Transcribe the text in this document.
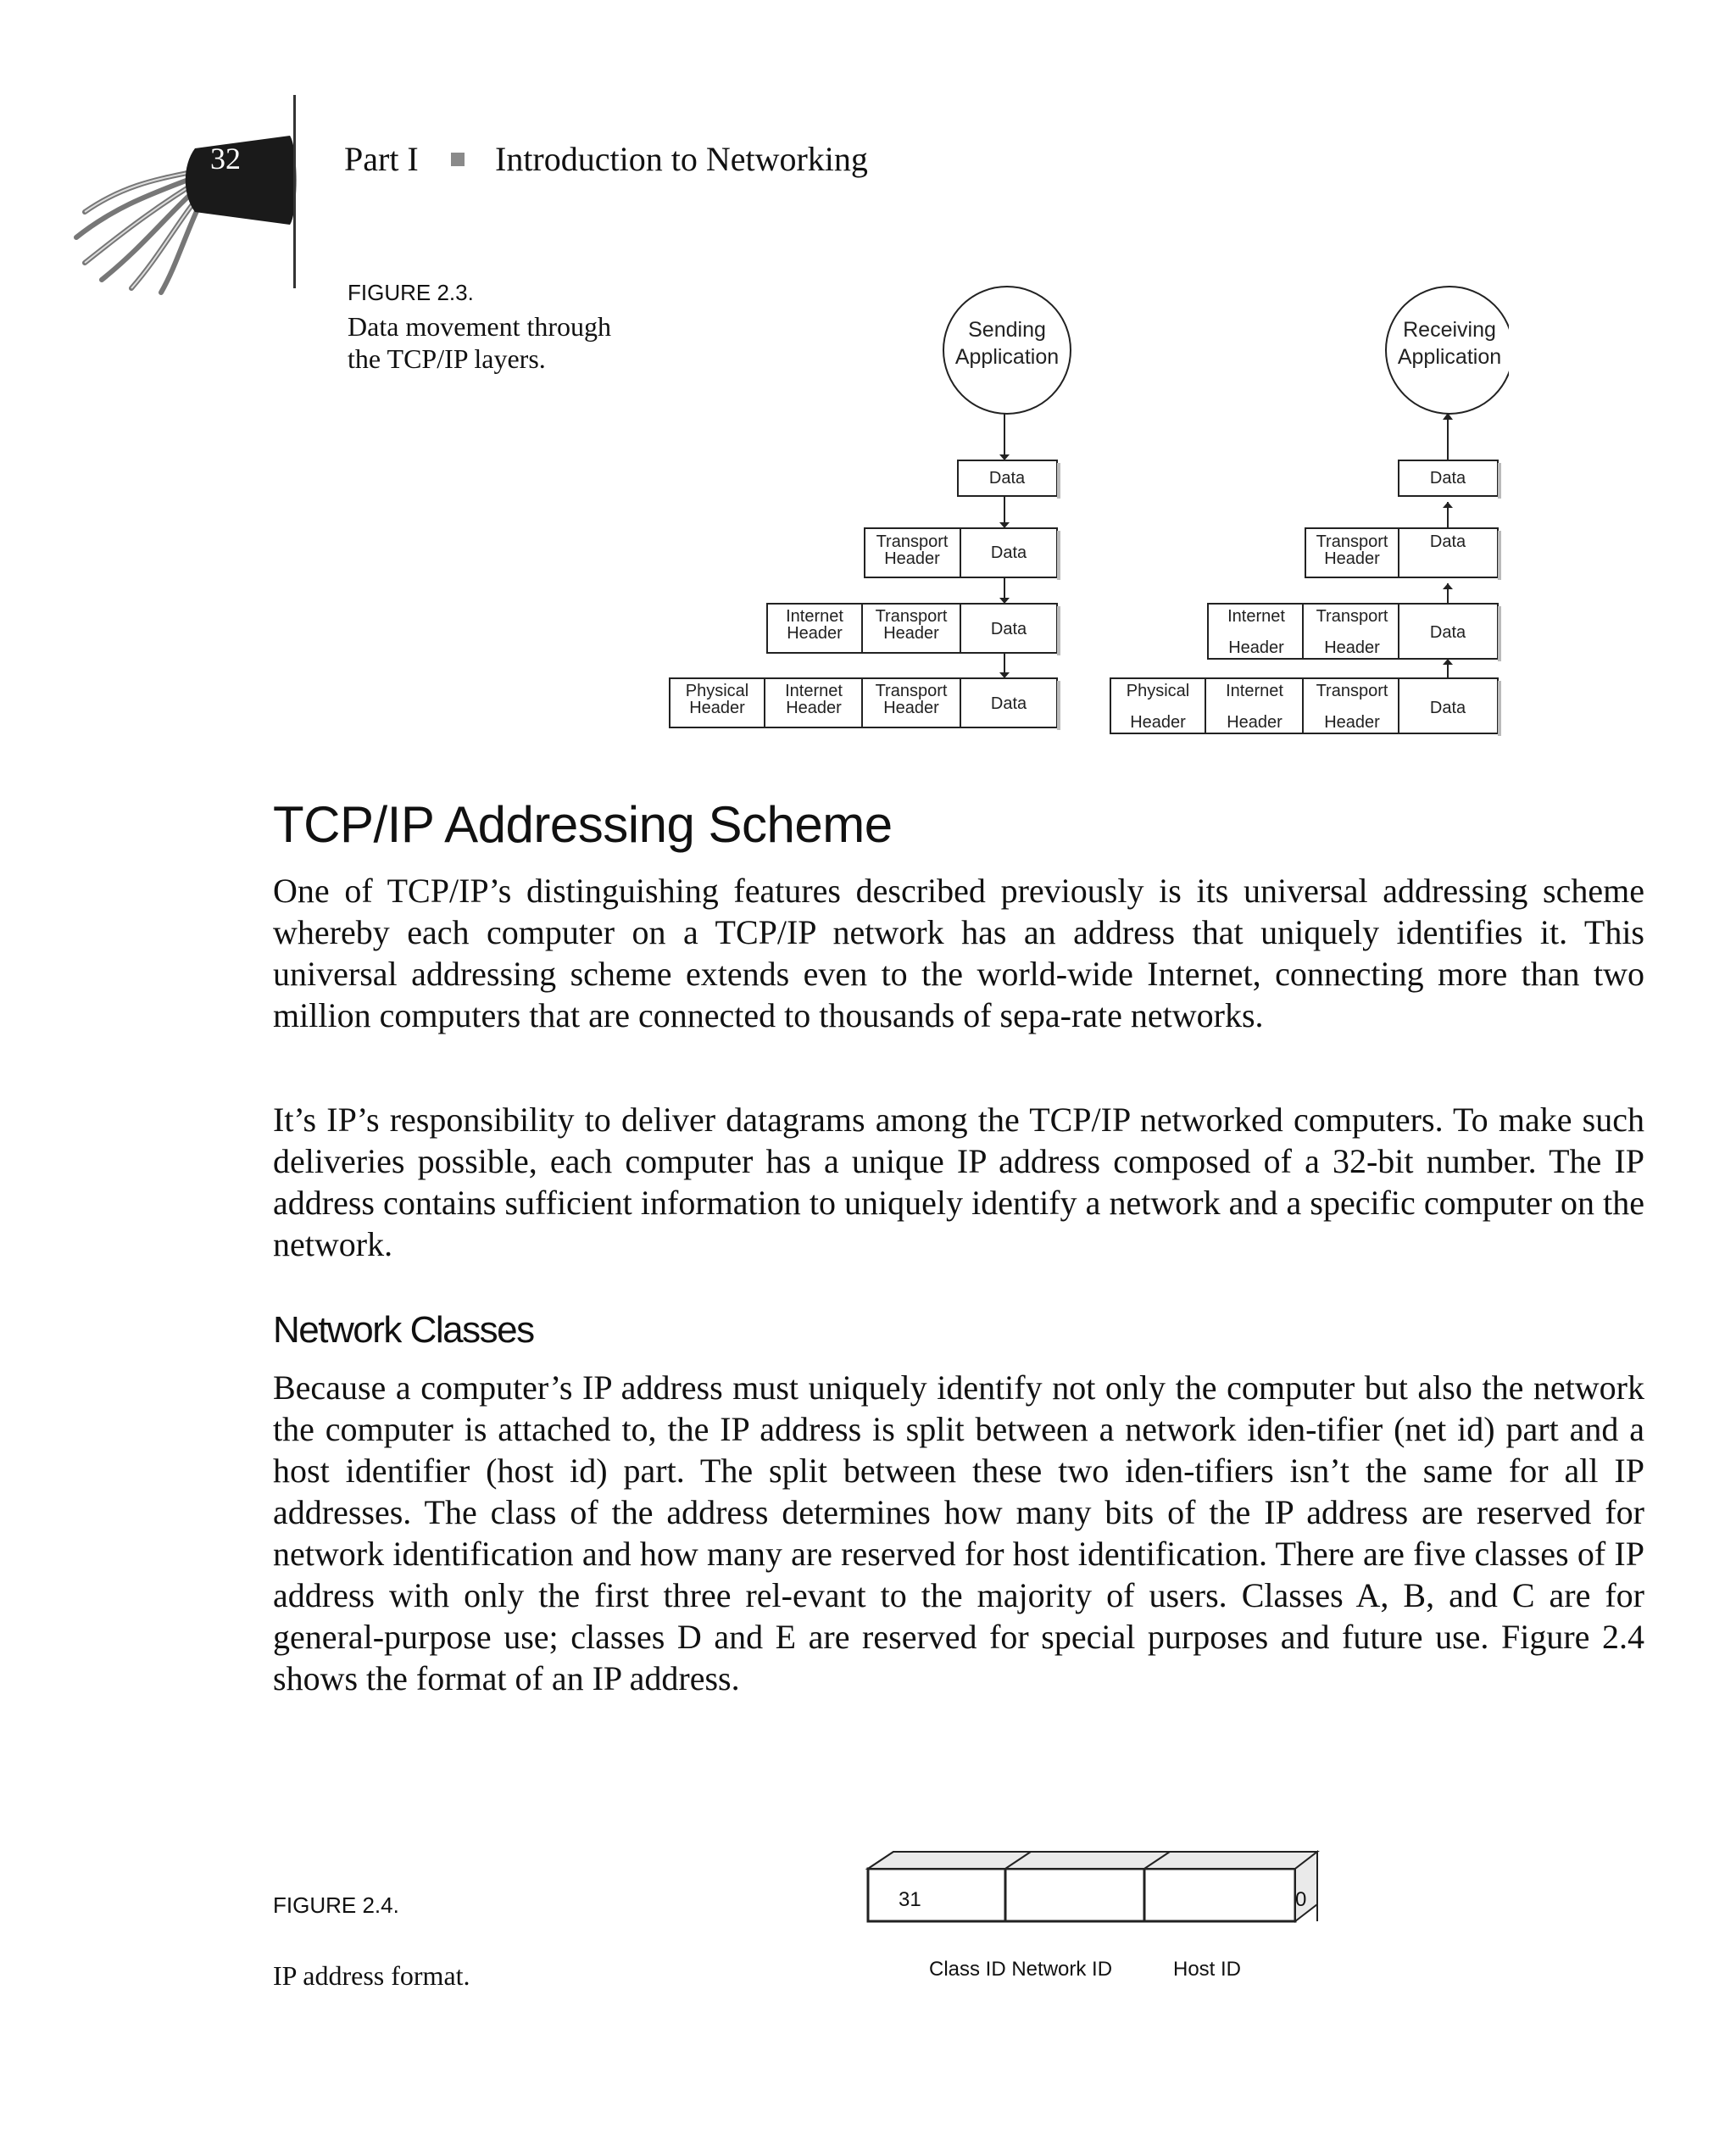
32	Part I Introduction to Networking
FIGURE 2.3.
Data movement through the TCP/IP layers.
Sending
Application
Receiving
Application
Data
Transport
Header	Data
Internet
Header
Transport
Header	Data
Physical
Header
Internet
Header
Transport
Header	Data
Data
Transport
Header
Data
Internet
Header
Transport
Header
Data
Physical
Header
Internet
Header
Transport
Header
Data
TCP/IP Addressing Scheme

One of TCP/IP’s distinguishing features described previously is its universal addressing scheme whereby each computer on a TCP/IP network has an address that uniquely identifies it. This universal addressing scheme extends even to the world-wide Internet, connecting more than two million computers that are connected to thousands of sepa-rate networks.

It’s IP’s responsibility to deliver datagrams among the TCP/IP networked computers. To make such deliveries possible, each computer has a unique IP address composed of a 32-bit number. The IP address contains sufficient information to uniquely identify a network and a specific computer on the network.

Network Classes

Because a computer’s IP address must uniquely identify not only the computer but also the network the computer is attached to, the IP address is split between a network iden-tifier (net id) part and a host identifier (host id) part. The split between these two iden-tifiers isn’t the same for all IP addresses. The class of the address determines how many bits of the IP address are reserved for network identification and how many are reserved for host identification. There are five classes of IP address with only the first three rel-evant to the majority of users. Classes A, B, and C are for general-purpose use; classes D and E are reserved for special purposes and future use. Figure 2.4 shows the format of an IP address.

FIGURE 2.4.
IP address format.
31	0
Class ID Network ID	Host ID
